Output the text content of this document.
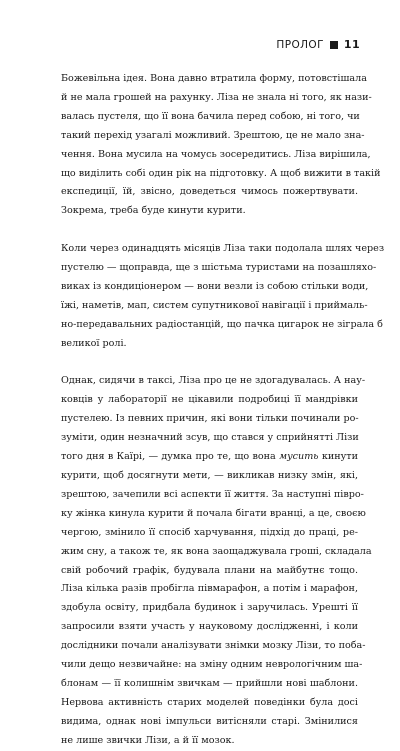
ПРОЛОГ 11
Божевільна ідея. Вона давно втратила форму, потовстішала
й не мала грошей на рахунку. Ліза не знала ні того, як нази-
валась пустеля, що її вона бачила перед собою, ні того, чи
такий перехід узагалі можливий. Зрештою, це не мало зна-
чення. Вона мусила на чомусь зосередитись. Ліза вирішила,
що виділить собі один рік на підготовку. А щоб вижити в такій
експедиції, їй, звісно, доведеться чимось пожертвувати.
Зокрема, треба буде кинути курити.
Коли через одинадцять місяців Ліза таки подолала шлях через
пустелю — щоправда, ще з шістьма туристами на позашляхо-
виках із кондиціонером — вони везли із собою стільки води,
їжі, наметів, мап, систем супутникової навігації і приймаль-
но-передавальних радіостанцій, що пачка цигарок не зіграла б
великої ролі.
Однак, сидячи в таксі, Ліза про це не здогадувалась. А нау-
ковців у лабораторії не цікавили подробиці її мандрівки
пустелею. Із певних причин, які вони тільки починали ро-
зуміти, один незначний зсув, що стався у сприйнятті Лізи
того дня в Каїрі, — думка про те, що вона мусить кинути
курити, щоб досягнути мети, — викликав низку змін, які,
зрештою, зачепили всі аспекти її життя. За наступні півро-
ку жінка кинула курити й почала бігати вранці, а це, своєю
чергою, змінило її спосіб харчування, підхід до праці, ре-
жим сну, а також те, як вона заощаджувала гроші, складала
свій робочий графік, будувала плани на майбутнє тощо.
Ліза кілька разів пробігла півмарафон, а потім і марафон,
здобула освіту, придбала будинок і заручилась. Урешті її
запросили взяти участь у науковому дослідженні, і коли
дослідники почали аналізувати знімки мозку Лізи, то поба-
чили дещо незвичайне: на зміну одним неврологічним ша-
блонам — її колишнім звичкам — прийшли нові шаблони.
Нервова активність старих моделей поведінки була досі
видима, однак нові імпульси витісняли старі. Змінилися
не лише звички Лізи, а й її мозок.
